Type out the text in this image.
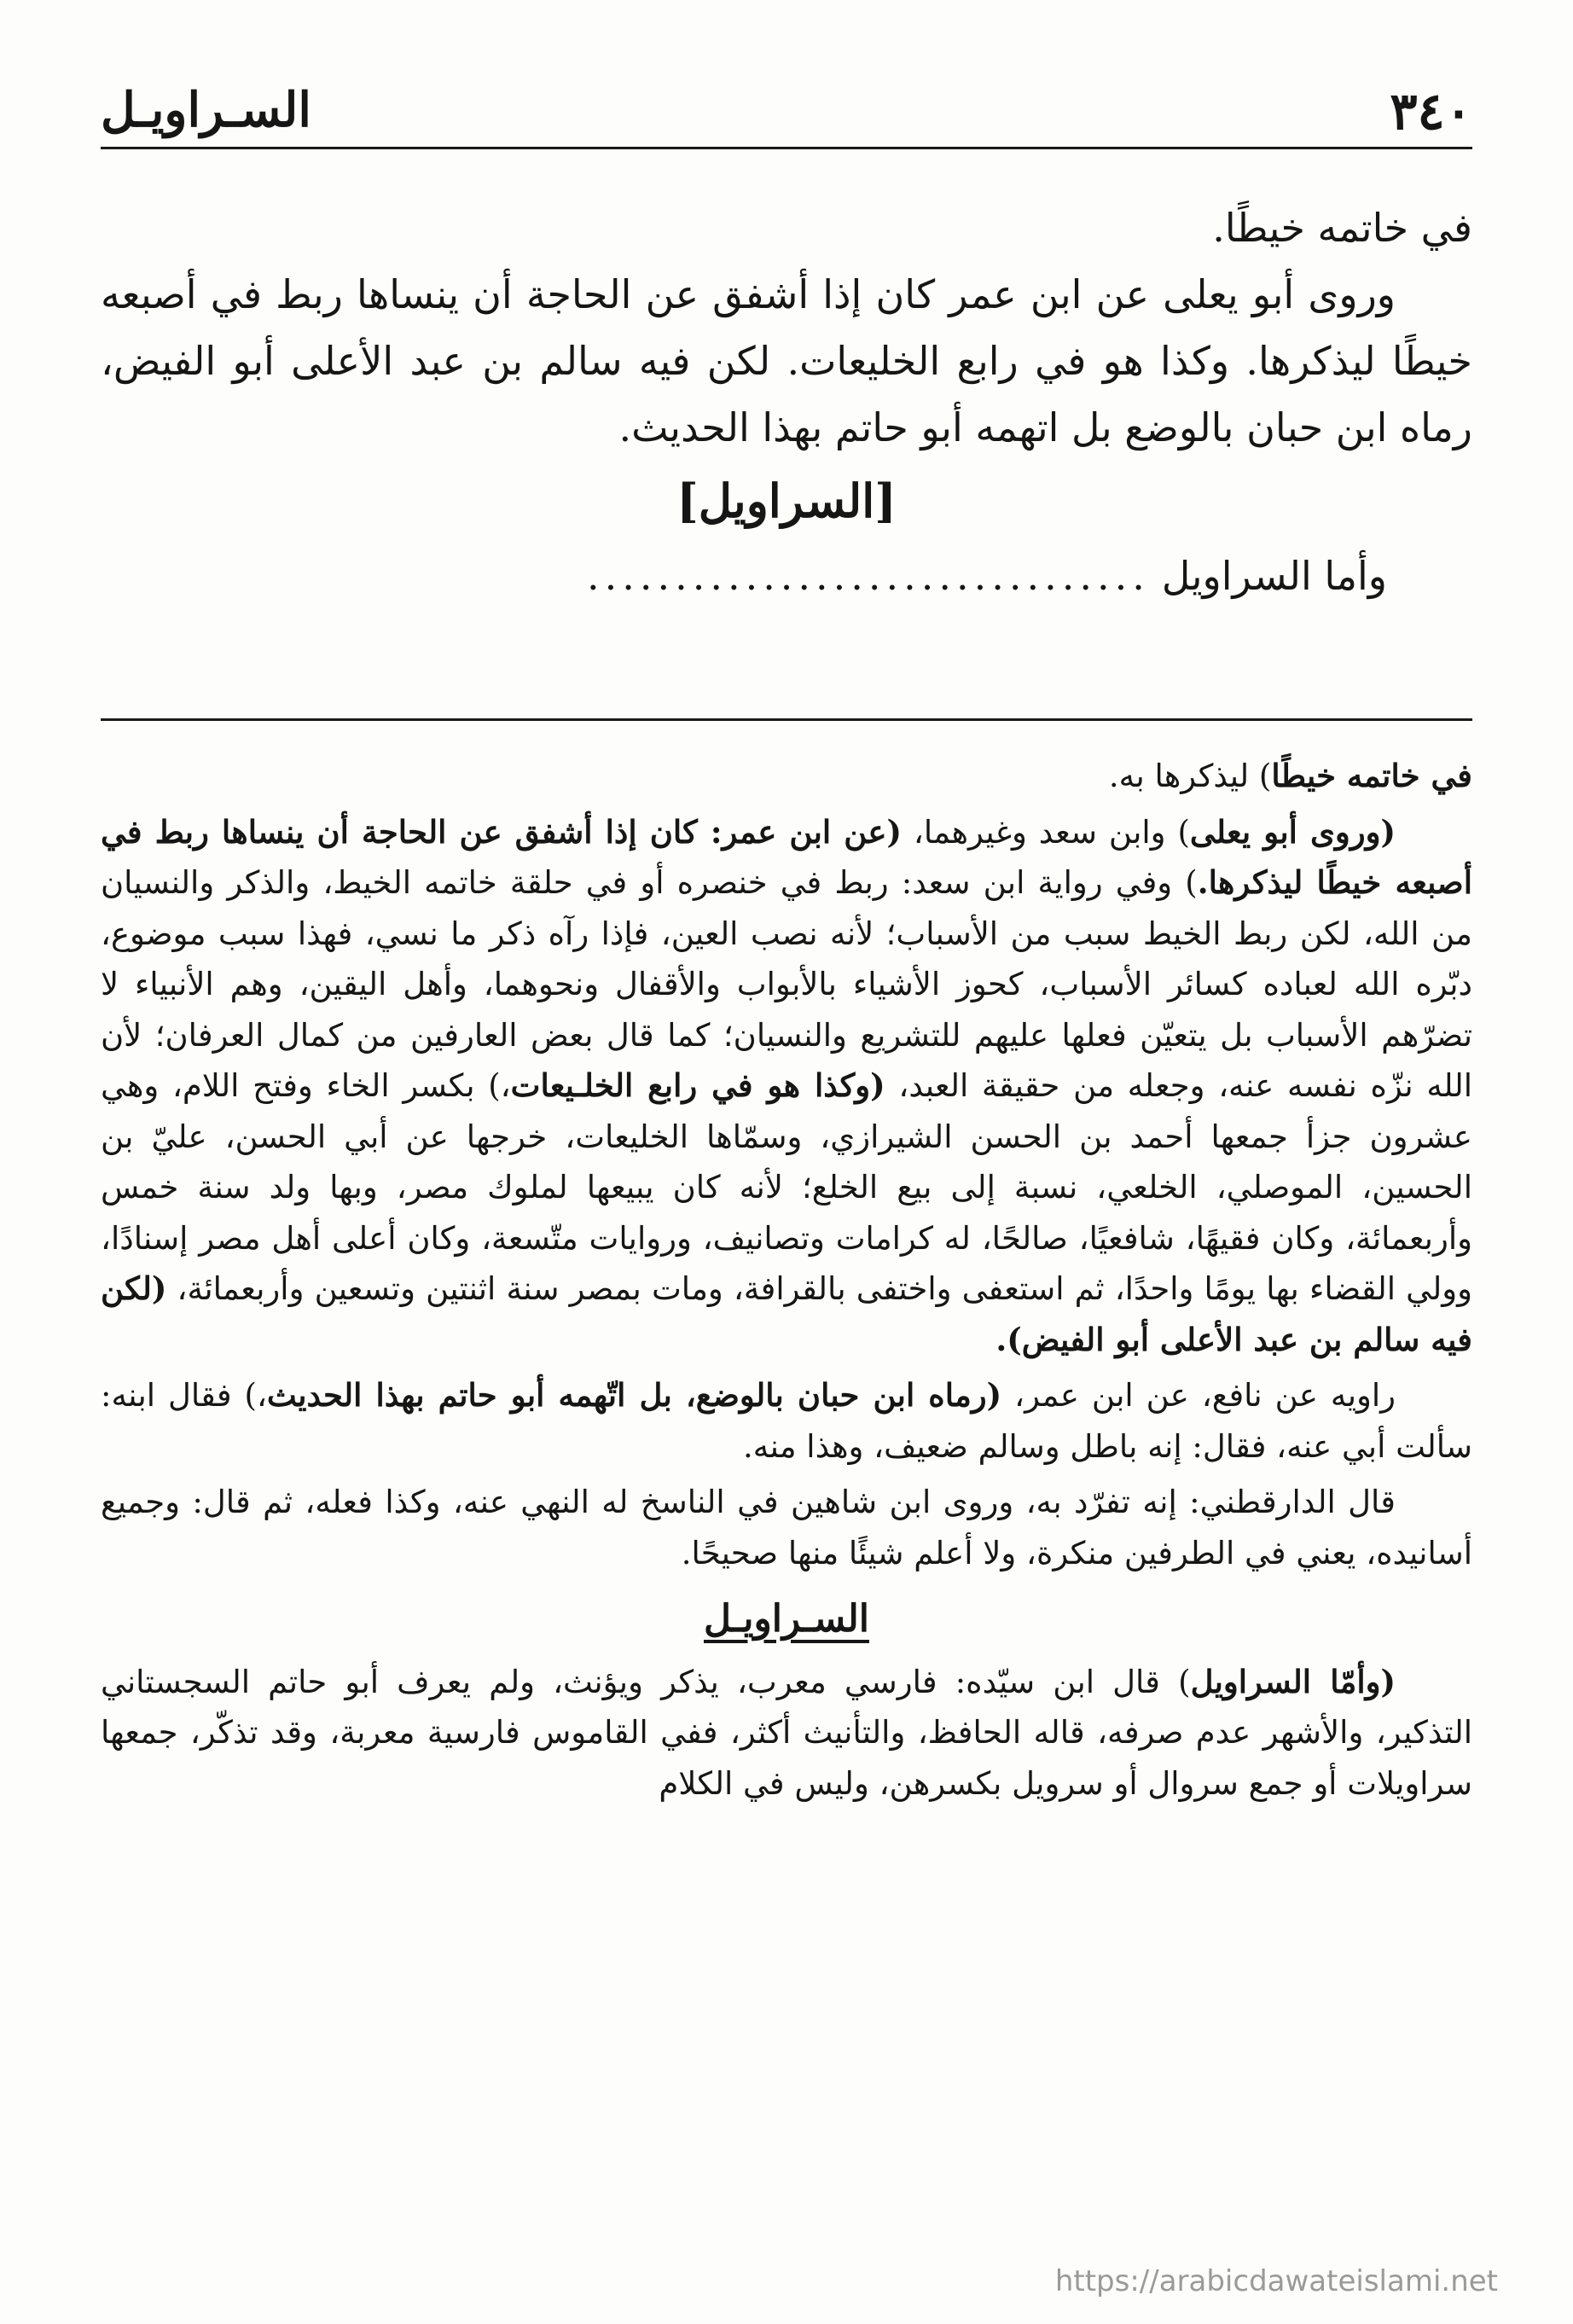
٣٤٠
السـراويـل

في خاتمه خيطًا.

وروى أبو يعلى عن ابن عمر كان إذا أشفق عن الحاجة أن ينساها ربط في أصبعه خيطًا ليذكرها. وكذا هو في رابع الخليعات. لكن فيه سالم بن عبد الأعلى أبو الفيض، رماه ابن حبان بالوضع بل اتهمه أبو حاتم بهذا الحديث.

[السراويل]

وأما السراويل
................................

في خاتمه خيطًا) ليذكرها به.

(وروى أبو يعلى) وابن سعد وغيرهما، (عن ابن عمر: كان إذا أشفق عن الحاجة أن ينساها ربط في أصبعه خيطًا ليذكرها.) وفي رواية ابن سعد: ربط في خنصره أو في حلقة خاتمه الخيط، والذكر والنسيان من الله، لكن ربط الخيط سبب من الأسباب؛ لأنه نصب العين، فإذا رآه ذكر ما نسي، فهذا سبب موضوع، دبّره الله لعباده كسائر الأسباب، كحوز الأشياء بالأبواب والأقفال ونحوهما، وأهل اليقين، وهم الأنبياء لا تضرّهم الأسباب بل يتعيّن فعلها عليهم للتشريع والنسيان؛ كما قال بعض العارفين من كمال العرفان؛ لأن الله نزّه نفسه عنه، وجعله من حقيقة العبد، (وكذا هو في رابع الخلـيعات،) بكسر الخاء وفتح اللام، وهي عشرون جزأ جمعها أحمد بن الحسن الشيرازي، وسمّاها الخليعات، خرجها عن أبي الحسن، عليّ بن الحسين، الموصلي، الخلعي، نسبة إلى بيع الخلع؛ لأنه كان يبيعها لملوك مصر، وبها ولد سنة خمس وأربعمائة، وكان فقيهًا، شافعيًا، صالحًا، له كرامات وتصانيف، وروايات متّسعة، وكان أعلى أهل مصر إسنادًا، وولي القضاء بها يومًا واحدًا، ثم استعفى واختفى بالقرافة، ومات بمصر سنة اثنتين وتسعين وأربعمائة، (لكن فيه سالم بن عبد الأعلى أبو الفيض).

راويه عن نافع، عن ابن عمر، (رماه ابن حبان بالوضع، بل اتّهمه أبو حاتم بهذا الحديث،) فقال ابنه: سألت أبي عنه، فقال: إنه باطل وسالم ضعيف، وهذا منه.

قال الدارقطني: إنه تفرّد به، وروى ابن شاهين في الناسخ له النهي عنه، وكذا فعله، ثم قال: وجميع أسانيده، يعني في الطرفين منكرة، ولا أعلم شيئًا منها صحيحًا.

السـراويـل

(وأمّا السراويل) قال ابن سيّده: فارسي معرب، يذكر ويؤنث، ولم يعرف أبو حاتم السجستاني التذكير، والأشهر عدم صرفه، قاله الحافظ، والتأنيث أكثر، ففي القاموس فارسية معربة، وقد تذكّر، جمعها سراويلات أو جمع سروال أو سرويل بكسرهن، وليس في الكلام

https://arabicdawateislami.net
